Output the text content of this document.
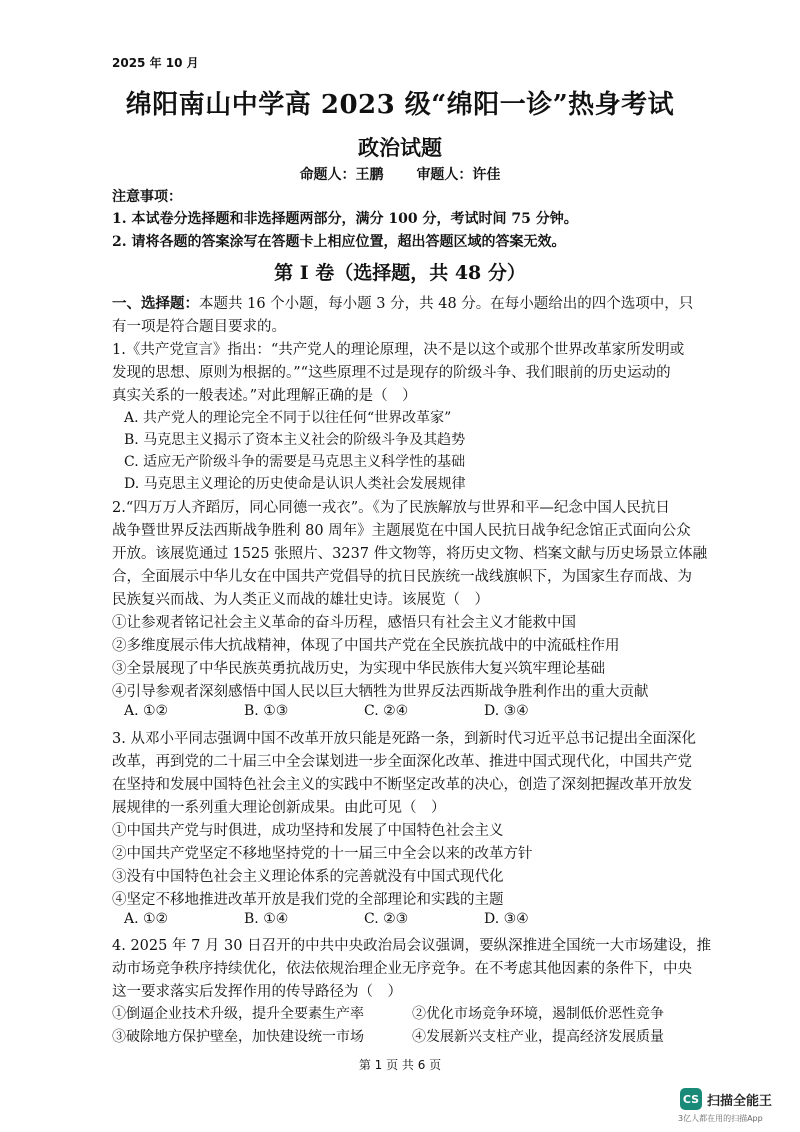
2025 年 10 月
绵阳南山中学高 2023 级“绵阳一诊”热身考试
政治试题
命题人：王鹏 审题人：许佳
注意事项：
1. 本试卷分选择题和非选择题两部分，满分 100 分，考试时间 75 分钟。
2. 请将各题的答案涂写在答题卡上相应位置，超出答题区域的答案无效。
第 I 卷（选择题，共 48 分）
一、选择题：本题共 16 个小题，每小题 3 分，共 48 分。在每小题给出的四个选项中，只
有一项是符合题目要求的。
1.《共产党宣言》指出：“共产党人的理论原理，决不是以这个或那个世界改革家所发明或
发现的思想、原则为根据的。”“这些原理不过是现存的阶级斗争、我们眼前的历史运动的
真实关系的一般表述。”对此理解正确的是（　）
A. 共产党人的理论完全不同于以往任何“世界改革家”
B. 马克思主义揭示了资本主义社会的阶级斗争及其趋势
C. 适应无产阶级斗争的需要是马克思主义科学性的基础
D. 马克思主义理论的历史使命是认识人类社会发展规律
2.“四万万人齐蹈厉，同心同德一戎衣”。《为了民族解放与世界和平—纪念中国人民抗日
战争暨世界反法西斯战争胜利 80 周年》主题展览在中国人民抗日战争纪念馆正式面向公众
开放。该展览通过 1525 张照片、3237 件文物等，将历史文物、档案文献与历史场景立体融
合，全面展示中华儿女在中国共产党倡导的抗日民族统一战线旗帜下，为国家生存而战、为
民族复兴而战、为人类正义而战的雄壮史诗。该展览（　）
①让参观者铭记社会主义革命的奋斗历程，感悟只有社会主义才能救中国
②多维度展示伟大抗战精神，体现了中国共产党在全民族抗战中的中流砥柱作用
③全景展现了中华民族英勇抗战历史，为实现中华民族伟大复兴筑牢理论基础
④引导参观者深刻感悟中国人民以巨大牺牲为世界反法西斯战争胜利作出的重大贡献
A. ①②	B. ①③	C. ②④	D. ③④
3. 从邓小平同志强调中国不改革开放只能是死路一条，到新时代习近平总书记提出全面深化
改革，再到党的二十届三中全会谋划进一步全面深化改革、推进中国式现代化，中国共产党
在坚持和发展中国特色社会主义的实践中不断坚定改革的决心，创造了深刻把握改革开放发
展规律的一系列重大理论创新成果。由此可见（　）
①中国共产党与时俱进，成功坚持和发展了中国特色社会主义
②中国共产党坚定不移地坚持党的十一届三中全会以来的改革方针
③没有中国特色社会主义理论体系的完善就没有中国式现代化
④坚定不移地推进改革开放是我们党的全部理论和实践的主题
A. ①②	B. ①④	C. ②③	D. ③④
4. 2025 年 7 月 30 日召开的中共中央政治局会议强调，要纵深推进全国统一大市场建设，推
动市场竞争秩序持续优化，依法依规治理企业无序竞争。在不考虑其他因素的条件下，中央
这一要求落实后发挥作用的传导路径为（　）
①倒逼企业技术升级，提升全要素生产率	②优化市场竞争环境，遏制低价恶性竞争
③破除地方保护壁垒，加快建设统一市场	④发展新兴支柱产业，提高经济发展质量
第 1 页 共 6 页
CS 扫描全能王
3亿人都在用的扫描App
